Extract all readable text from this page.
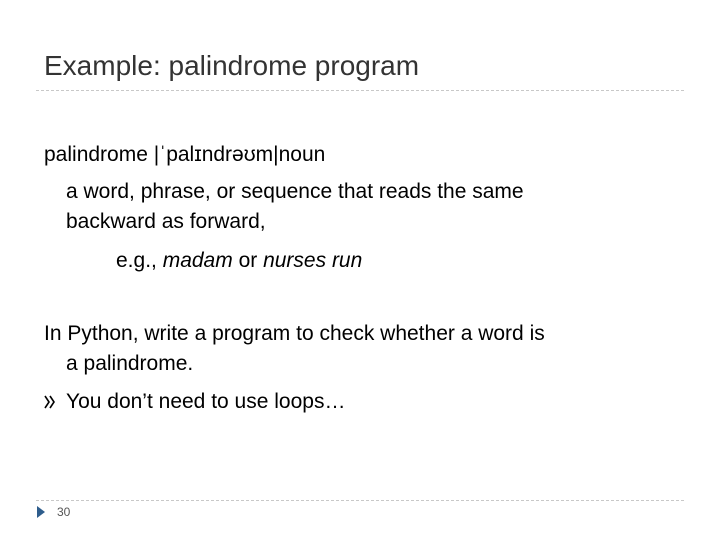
Example: palindrome program
palindrome |ˈpalɪndrəʊm|noun
a word, phrase, or sequence that reads the same
backward as forward,
e.g., madam or nurses run
In Python, write a program to check whether a word is
a palindrome.
You don’t need to use loops…
30
